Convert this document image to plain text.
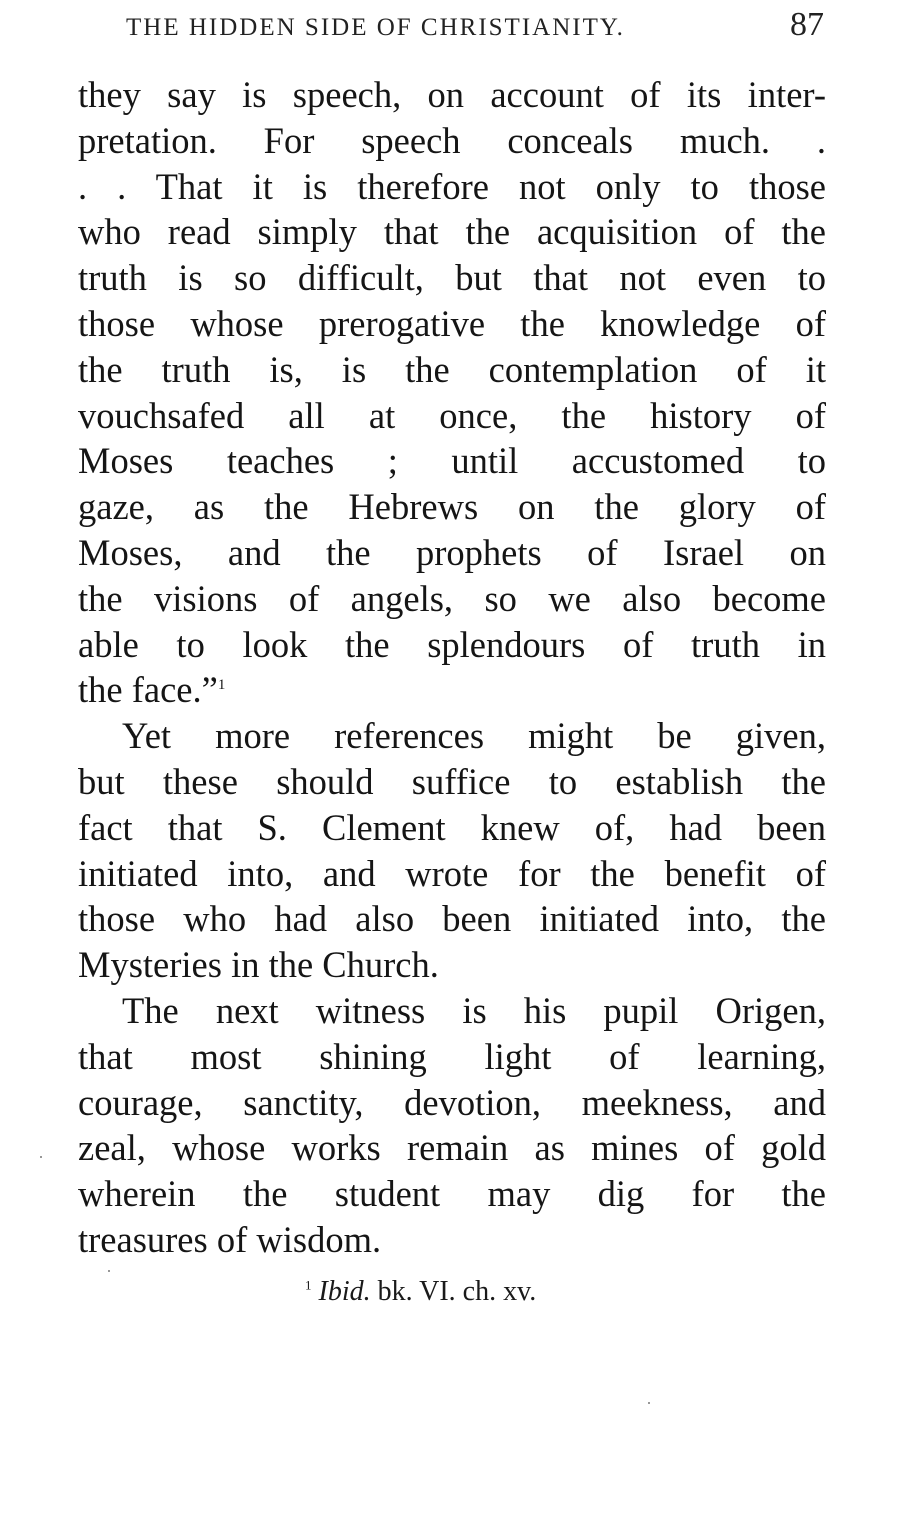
THE HIDDEN SIDE OF CHRISTIANITY.	87
they say is speech, on account of its inter-
pretation. For speech conceals much. .
. . That it is therefore not only to those
who read simply that the acquisition of the
truth is so difficult, but that not even to
those whose prerogative the knowledge of
the truth is, is the contemplation of it
vouchsafed all at once, the history of
Moses teaches ; until accustomed to
gaze, as the Hebrews on the glory of
Moses, and the prophets of Israel on
the visions of angels, so we also become
able to look the splendours of truth in
the face.”$^1$
Yet more references might be given,
but these should suffice to establish the
fact that S. Clement knew of, had been
initiated into, and wrote for the benefit of
those who had also been initiated into, the
Mysteries in the Church.
The next witness is his pupil Origen,
that most shining light of learning,
courage, sanctity, devotion, meekness, and
zeal, whose works remain as mines of gold
wherein the student may dig for the
treasures of wisdom.
$^1$ Ibid. bk. VI. ch. xv.
